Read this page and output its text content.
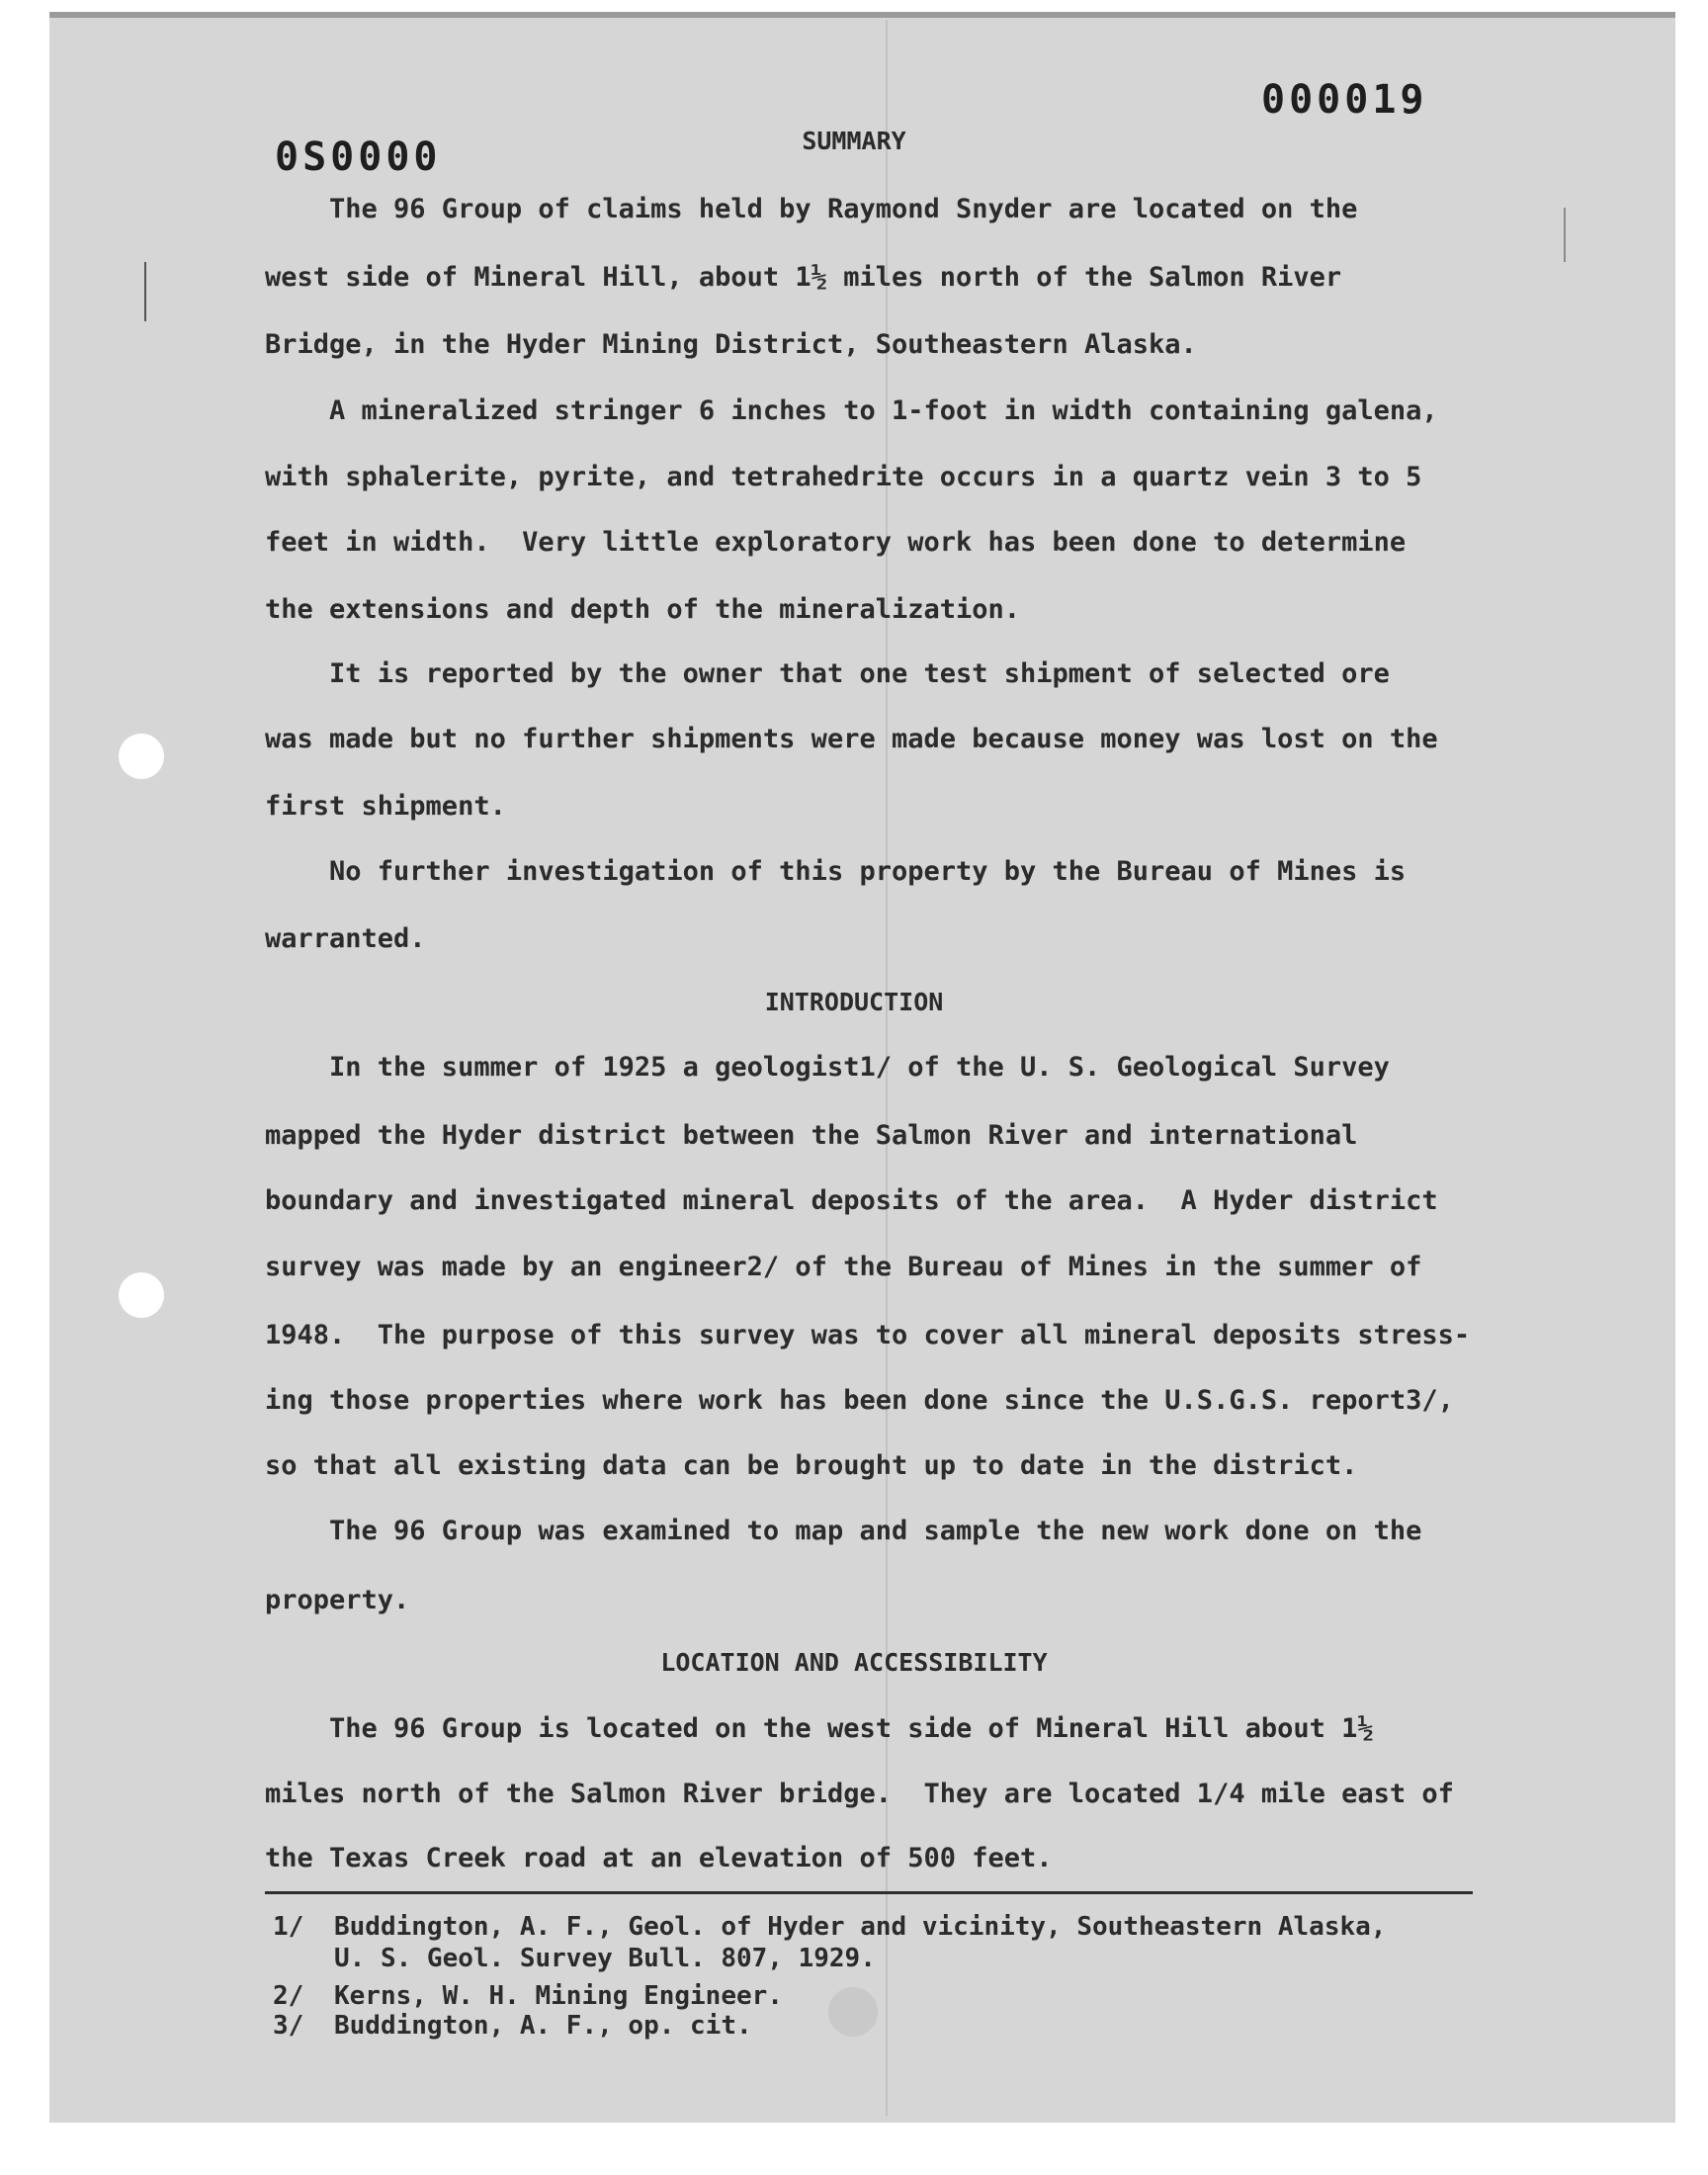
0S0000
000019
SUMMARY
The 96 Group of claims held by Raymond Snyder are located on the
west side of Mineral Hill, about 1½ miles north of the Salmon River
Bridge, in the Hyder Mining District, Southeastern Alaska.
A mineralized stringer 6 inches to 1-foot in width containing galena,
with sphalerite, pyrite, and tetrahedrite occurs in a quartz vein 3 to 5
feet in width.  Very little exploratory work has been done to determine
the extensions and depth of the mineralization.
It is reported by the owner that one test shipment of selected ore
was made but no further shipments were made because money was lost on the
first shipment.
No further investigation of this property by the Bureau of Mines is
warranted.
INTRODUCTION
In the summer of 1925 a geologist1/ of the U. S. Geological Survey
mapped the Hyder district between the Salmon River and international
boundary and investigated mineral deposits of the area.  A Hyder district
survey was made by an engineer2/ of the Bureau of Mines in the summer of
1948.  The purpose of this survey was to cover all mineral deposits stress-
ing those properties where work has been done since the U.S.G.S. report3/,
so that all existing data can be brought up to date in the district.
The 96 Group was examined to map and sample the new work done on the
property.
LOCATION AND ACCESSIBILITY
The 96 Group is located on the west side of Mineral Hill about 1½
miles north of the Salmon River bridge.  They are located 1/4 mile east of
the Texas Creek road at an elevation of 500 feet.
1/ Buddington, A. F., Geol. of Hyder and vicinity, Southeastern Alaska,
U. S. Geol. Survey Bull. 807, 1929.
2/ Kerns, W. H. Mining Engineer.
3/ Buddington, A. F., op. cit.
